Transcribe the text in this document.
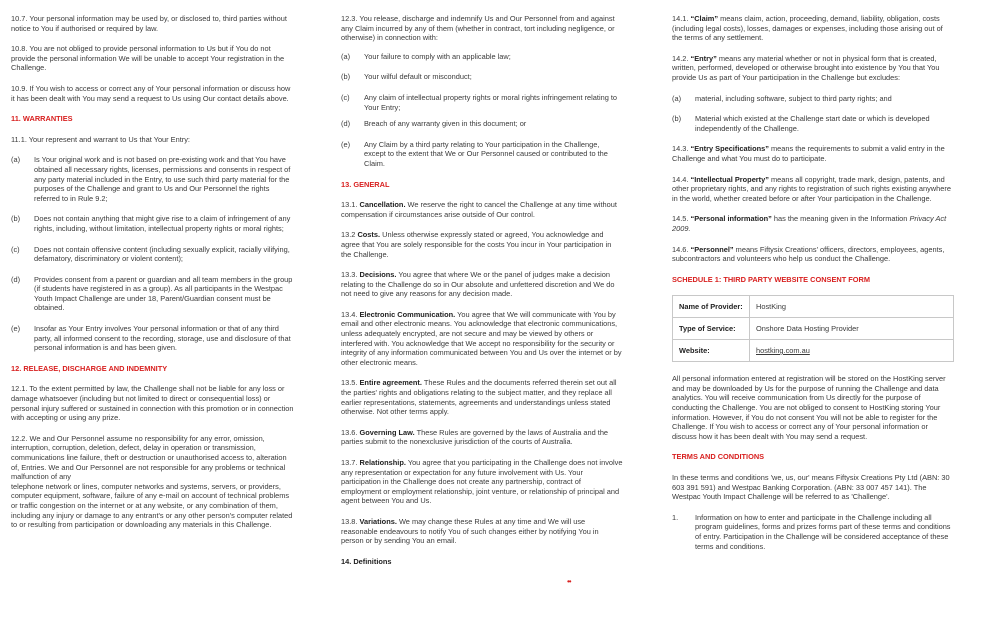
10.7. Your personal information may be used by, or disclosed to, third parties without notice to You if authorised or required by law.

10.8. You are not obliged to provide personal information to Us but if You do not provide the personal information We will be unable to accept Your registration in the Challenge.

10.9. If You wish to access or correct any of Your personal information or discuss how it has been dealt with You may send a request to Us using Our contact details above.

11. WARRANTIES

11.1. Your represent and warrant to Us that Your Entry:

(a) Is Your original work and is not based on pre-existing work and that You have obtained all necessary rights, licenses, permissions and consents in respect of any party material included in the Entry, to use such third party material for the purposes of the Challenge and grant to Us and Our Personnel the rights referred to in Rule 9.2;
(b) Does not contain anything that might give rise to a claim of infringement of any rights, including, without limitation, intellectual property rights or moral rights;
(c) Does not contain offensive content (including sexually explicit, racially vilifying, defamatory, discriminatory or violent content);
(d) Provides consent from a parent or guardian and all team members in the group (if students have registered in as a group). As all participants in the Westpac Youth Impact Challenge are under 18, Parent/Guardian consent must be obtained.
(e) Insofar as Your Entry involves Your personal information or that of any third party, all informed consent to the recording, storage, use and disclosure of that personal information is and has been given.

12. RELEASE, DISCHARGE AND INDEMNITY

12.1. To the extent permitted by law, the Challenge shall not be liable for any loss or damage whatsoever (including but not limited to direct or consequential loss) or personal injury suffered or sustained in connection with this promotion or in connection with accepting or using any prize.

12.2. We and Our Personnel assume no responsibility for any error, omission, interruption, corruption, deletion, defect, delay in operation or transmission, communications line failure, theft or destruction or unauthorised access to, alteration of, Entries. We and Our Personnel are not responsible for any problems or technical malfunction of any

telephone network or lines, computer networks and systems, servers, or providers, computer equipment, software, failure of any e-mail on account of technical problems or traffic congestion on the internet or at any website, or any combination of them, including any injury or damage to any entrant's or any other person's computer related

to or resulting from participation or downloading any materials in this Challenge.

12.3. You release, discharge and indemnify Us and Our Personnel from and against any Claim incurred by any of them (whether in contract, tort including negligence, or otherwise) in connection with:

(a) Your failure to comply with an applicable law;
(b) Your wilful default or misconduct;
(c) Any claim of intellectual property rights or moral rights infringement relating to Your Entry;
(d) Breach of any warranty given in this document; or
(e) Any Claim by a third party relating to Your participation in the Challenge, except to the extent that We or Our Personnel caused or contributed to the Claim.

13. GENERAL

13.1. Cancellation. We reserve the right to cancel the Challenge at any time without compensation if circumstances arise outside of Our control.

13.2 Costs. Unless otherwise expressly stated or agreed, You acknowledge and agree that You are solely responsible for the costs You incur in Your participation in the Challenge.

13.3. Decisions. You agree that where We or the panel of judges make a decision relating to the Challenge do so in Our absolute and unfettered discretion and We do not need to give any reasons for any decision made.

13.4. Electronic Communication. You agree that We will communicate with You by email and other electronic means. You acknowledge that electronic communications, unless adequately encrypted, are not secure and may be viewed by others or interfered with. You acknowledge that We accept no responsibility for the security or integrity of any information communicated between You and Us over the internet or by other electronic means.

13.5. Entire agreement. These Rules and the documents referred therein set out all the parties' rights and obligations relating to the subject matter, and they replace all earlier representations, statements, agreements and understandings unless stated otherwise. Not other terms apply.

13.6. Governing Law. These Rules are governed by the laws of Australia and the parties submit to the nonexclusive jurisdiction of the courts of Australia.

13.7. Relationship. You agree that you participating in the Challenge does not involve any representation or expectation for any future involvement with Us. Your participation in the Challenge does not create any partnership, contract of employment or employment relationship, joint venture, or relationship of principal and agent between You and Us.

13.8. Variations. We may change these Rules at any time and We will use reasonable endeavours to notify You of such changes either by notifying You in person or by sending You an email.

14. Definitions

••

14.1. “Claim” means claim, action, proceeding, demand, liability, obligation, costs (including legal costs), losses, damages or expenses, including those arising out of the terms of any settlement.

14.2. “Entry” means any material whether or not in physical form that is created, written, performed, developed or otherwise brought into existence by You that You provide Us as part of Your participation in the Challenge but excludes:

(a) material, including software, subject to third party rights; and
(b) Material which existed at the Challenge start date or which is developed independently of the Challenge.

14.3. “Entry Specifications” means the requirements to submit a valid entry in the Challenge and what You must do to participate.

14.4. “Intellectual Property” means all copyright, trade mark, design, patents, and other proprietary rights, and any rights to registration of such rights existing anywhere in the world, whether created before or after Your participation in the Challenge.

14.5. “Personal information” has the meaning given in the Information Privacy Act 2009.

14.6. “Personnel” means Fiftysix Creations' officers, directors, employees, agents, subcontractors and volunteers who help us conduct the Challenge.

SCHEDULE 1: THIRD PARTY WEBSITE CONSENT FORM

Name of Provider:	HostKing
Type of Service:	Onshore Data Hosting Provider
Website:	hostking.com.au

All personal information entered at registration will be stored on the HostKing server and may be downloaded by Us for the purpose of running the Challenge and data analytics. You will receive communication from Us directly for the purpose of conducting the Challenge. You are not obliged to consent to HostKing storing Your information. However, if You do not consent You will not be able to register for the Challenge. If You wish to access or correct any of Your personal information or discuss how it has been dealt with You may send a request.

TERMS AND CONDITIONS

In these terms and conditions 'we, us, our' means Fiftysix Creations Pty Ltd (ABN: 30 603 391 591) and Westpac Banking Corporation. (ABN: 33 007 457 141). The Westpac Youth Impact Challenge will be referred to as 'Challenge'.

1. Information on how to enter and participate in the Challenge including all program guidelines, forms and prizes forms part of these terms and conditions of entry. Participation in the Challenge will be considered acceptance of these terms and conditions.
